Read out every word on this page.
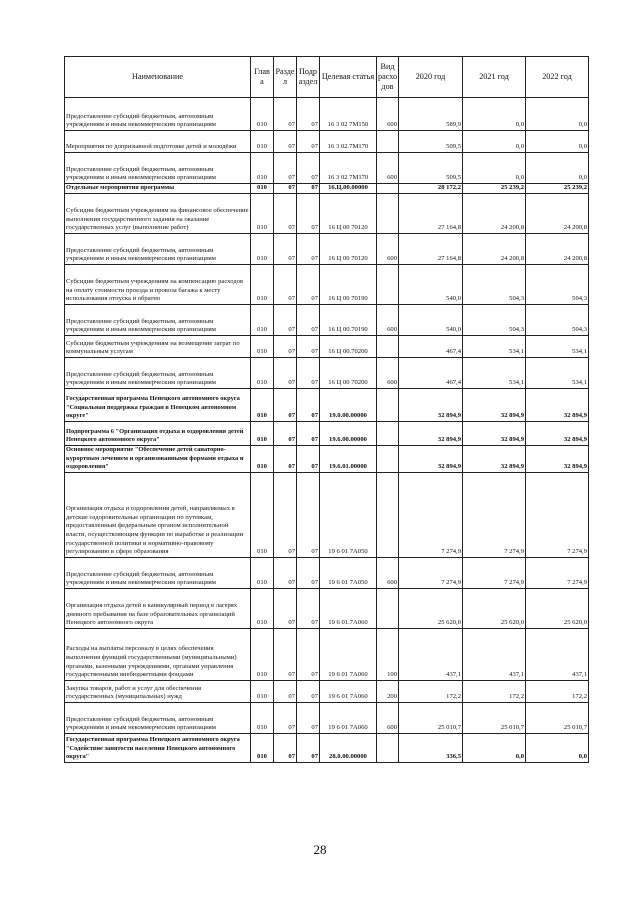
Наименование	Глав а	Разде л	Подр аздел	Целевая статья	Вид расхо дов	2020 год	2021 год	2022 год
Предоставление субсидий бюджетным, автономным учреждениям и иным некоммерческим организациям	010	07	07	16 3 02 7М150	600	589,9	0,0	0,0
Мероприятия по допризывной подготовке детей и молодёжи	010	07	07	16 3 02.7М170		509,5	0,0	0,0
Предоставление субсидий бюджетным, автономным учреждениям и иным некоммерческим организациям	010	07	07	16 3 02 7М170	600	509,5	0,0	0,0
Отдельные мероприятия программы	010	07	07	16.Ц.00.00000		28 172,2	25 239,2	25 239,2
Субсидии бюджетным учреждениям на финансовое обеспечение выполнения государственного задания на оказание государственных услуг (выполнение работ)	010	07	07	16 Ц 00 70120		27 164,8	24 200,8	24 200,8
Предоставление субсидий бюджетным, автономным учреждениям и иным некоммерческим организациям	010	07	07	16 Ц 00 70120	600	27 164,8	24 200,8	24 200,8
Субсидии бюджетным учреждениям на компенсацию расходов на оплату стоимости проезда и провоза багажа к месту использования отпуска и обратно	010	07	07	16 Ц 00 70190		540,0	504,3	504,3
Предоставление субсидий бюджетным, автономным учреждениям и иным некоммерческим организациям	010	07	07	16 Ц 00.70190	600	540,0	504,3	504,3
Субсидии бюджетным учреждениям на возмещение затрат по коммунальным услугам	010	07	07	16 Ц 00.70200		467,4	534,1	534,1
Предоставление субсидий бюджетным, автономным учреждениям и иным некоммерческим организациям	010	07	07	16 Ц 00 70200	600	467,4	534,1	534,1
Государственная программа Ненецкого автономного округа "Социальная поддержка граждан в Ненецком автономном округе"	010	07	07	19.0.00.00000		32 894,9	32 894,9	32 894,9
Подпрограмма 6 "Организация отдыха и оздоровления детей Ненецкого автономного округа"	010	07	07	19.6.00.00000		32 894,9	32 894,9	32 894,9
Основное мероприятие "Обеспечение детей санаторно-курортным лечением и организованными формами отдыха и оздоровления"	010	07	07	19.6.01.00000		32 894,9	32 894,9	32 894,9
Организация отдыха и оздоровления детей, направляемых в детские оздоровительные организации по путевкам, предоставленным федеральным органом исполнительной власти, осуществляющим функции по выработке и реализации государственной политики и нормативно-правовому регулированию в сфере образования	010	07	07	19 6 01 7А050		7 274,9	7 274,9	7 274,9
Предоставление субсидий бюджетным, автономным учреждениям и иным некоммерческим организациям	010	07	07	19 6 01 7А050	600	7 274,9	7 274,9	7 274,9
Организация отдыха детей в каникулярный период в лагерях дневного пребывания на базе образовательных организаций Ненецкого автономного округа	010	07	07	19 6 01.7А060		25 620,0	25 620,0	25 620,0
Расходы на выплаты персоналу в целях обеспечения выполнения функций государственными (муниципальными) органами, казенными учреждениями, органами управления государственными внебюджетными фондами	010	07	07	19 6 01 7А060	100	437,1	437,1	437,1
Закупка товаров, работ и услуг для обеспечения государственных (муниципальных) нужд	010	07	07	19 6 01 7А060	200	172,2	172,2	172,2
Предоставление субсидий бюджетным, автономным учреждениям и иным некоммерческим организациям	010	07	07	19 6 01 7А060	600	25 010,7	25 010,7	25 010,7
Государственная программа Ненецкого автономного округа "Содействие занятости населения Ненецкого автономного округа"	010	07	07	28.0.00.00000		336,5	0,0	0,0
28
